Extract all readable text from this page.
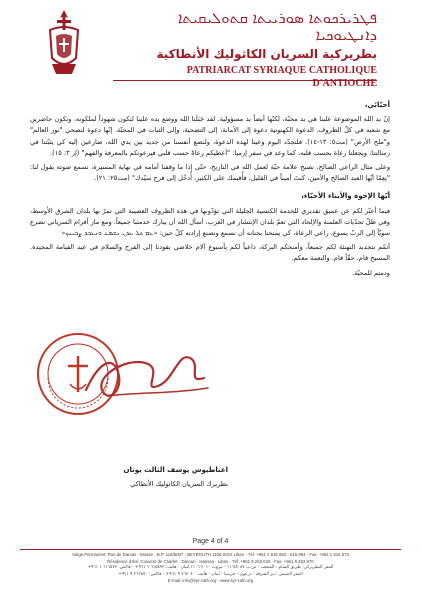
ܦܛܪܝܪܟܘܬܐ ܣܘܪܝܝܬܐ ܩܬܘܠܝܩܝܬܐ ܕܐܢܛܝܘܟܝܐ
بطريركية السريان الكاثوليك الأنطاكية
PATRIARCAT SYRIAQUE CATHOLIQUE D'ANTIOCHE

أحبّائي،

إنّ يد الله الموضوعة علينا هي يد محبّة، لكنّها أيضاً يد مسؤولية. لقد جَبَلَنا الله ووضع يده علينا لنكون شهوداً لملكوته، ونكون حاضرين مع شعبه في كلّ الظروف. الدعوة الكهنوتية دعوة إلى الأمانة، إلى التضحية، وإلى الثبات في المحبّة. إنّها دعوة لنضحي "نور العالم" و"ملح الأرض" (مت٥: ١٣-١٤). فلنجدّد اليوم وعينا لهذه الدعوة، ولنضع أنفسنا من جديد بين يدي الله، ضارعين إليه كي يثبّتنا في رسالتنا، ويجعلنا رعاة بحسب قلبه، كما وعد في سفر إرميا: "أعطيكم رعاةً حسب قلبي فيرعونكم بالمعرفة والفهم" (إر ٣: ١٥).

وعلى مثال الراعي الصالح، نصبح علامة حيّة لعمل الله في التاريخ، حتّى إذا ما وقفنا أمامه في نهاية المسيرة، نسمع صوته يقول لنا: "نِعِمّا أيّها العبد الصالح والأمين، كنتَ أميناً في القليل، فأُقيمك على الكثير، أُدخُل إلى فرح سيّدك" (مت٢٥: ٢١).

أيّها الإخوة والأبناء الأحبّاء،

فيما أعبّر لكم عن عميق تقديري للخدمة الكنسية الجليلة التي تؤدّونها في هذه الظروف العصيبة التي تمرّ بها بلدان الشرق الأوسط، وفي ظلّ تحدّيات العلمنة والإلحاد التي تعمّ بلدان الإنتشار في الغرب، أسأل الله أن يبارك خدمتنا جميعاً. ومع مار أفرام السرياني نضرع سويّاً إلى الربّ يسوع، راعي الرعاة، كي يمنحنا بحنانه أن نسمع ونصنع إرادته كلّ حين: «ܥܡ ܟܠ ܥܕܢ ܢܫܡܥ ܘܢܥܒܕ ܨܒܝܢܟ»

أتمّم بتجديد التهنئة لكم جميعاً، وأمنحكم البركة، داعياً لكم بأسبوع آلام خلاصي يقودنا إلى الفرح والسلام في عيد القيامة المجيدة. المسيح قام، حقّاً قام. والنعمة معكم.

ودمتم للمحبّة.

اغناطيوس يوسف الثالث يونان
بطريرك السريان الكاثوليك الأنطاكي
Page 4 of 4
Siège Permanent: Rue de Damas - Musée - B.P. 116/5087 - BEYROUTH 1106-2010 Liban - Tél: +961 1 615 892 - 615 894 - Fax: +961 1 616 573
Résidence d'été: Couvent de Charfet - Daroun - Harissa - Liban - Tél: +961 9 263 040 - Fax: +961 9 262 870
المقر البطريركي: طريق الشام - المتحف - ص.ب ١١٦/٥٠٨٧ - بيروت ٢٠١٠ ١١٠٦ لبنان - هاتف: ٦١٥٨٩٢ ١ ٩٦١+ - فاكس: ٦١٦٥٧٣ ١ ٩٦١+
المقر الصيفي: دير الشرفة - درعون - حريصا - لبنان - هاتف: ٢٦٣٠٤٠ ٩ ٩٦١+ - فاكس: ٢٦٢٨٧٠ ٩ ٩٦١+
E-mail: info@syr-cath.org - www.syr-cath.org
